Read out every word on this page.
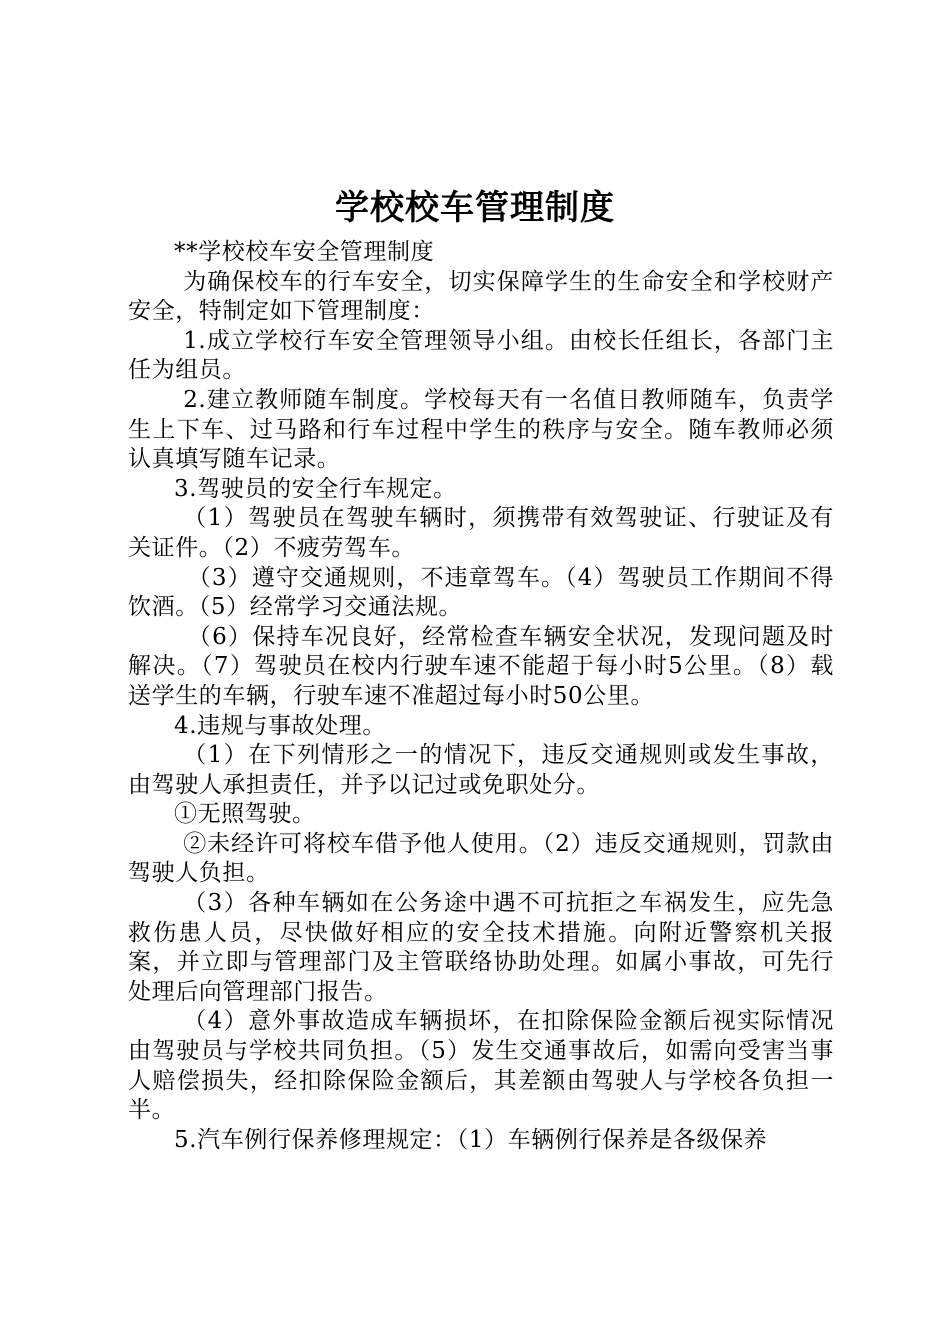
学校校车管理制度

**学校校车安全管理制度

为确保校车的行车安全，切实保障学生的生命安全和学校财产安全，特制定如下管理制度：

1.成立学校行车安全管理领导小组。由校长任组长，各部门主任为组员。

2.建立教师随车制度。学校每天有一名值日教师随车，负责学生上下车、过马路和行车过程中学生的秩序与安全。随车教师必须认真填写随车记录。

3.驾驶员的安全行车规定。

（1）驾驶员在驾驶车辆时，须携带有效驾驶证、行驶证及有关证件。（2）不疲劳驾车。

（3）遵守交通规则，不违章驾车。（4）驾驶员工作期间不得饮酒。（5）经常学习交通法规。

（6）保持车况良好，经常检查车辆安全状况，发现问题及时解决。（7）驾驶员在校内行驶车速不能超于每小时5公里。（8）载送学生的车辆，行驶车速不准超过每小时50公里。

4.违规与事故处理。

（1）在下列情形之一的情况下，违反交通规则或发生事故，由驾驶人承担责任，并予以记过或免职处分。

①无照驾驶。

②未经许可将校车借予他人使用。（2）违反交通规则，罚款由驾驶人负担。

（3）各种车辆如在公务途中遇不可抗拒之车祸发生，应先急救伤患人员，尽快做好相应的安全技术措施。向附近警察机关报案，并立即与管理部门及主管联络协助处理。如属小事故，可先行处理后向管理部门报告。

（4）意外事故造成车辆损坏，在扣除保险金额后视实际情况由驾驶员与学校共同负担。（5）发生交通事故后，如需向受害当事人赔偿损失，经扣除保险金额后，其差额由驾驶人与学校各负担一半。

5.汽车例行保养修理规定：（1）车辆例行保养是各级保养
